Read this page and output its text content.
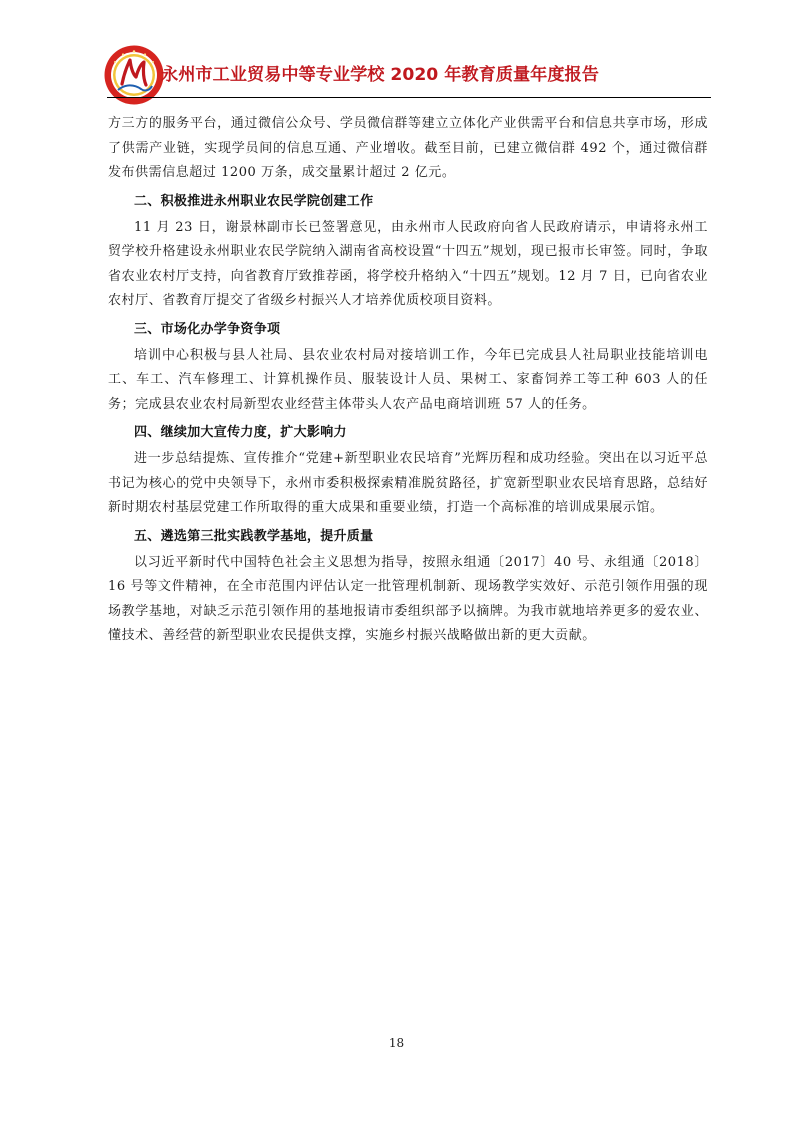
永州市工业贸易中等专业学校 2020 年教育质量年度报告

方三方的服务平台，通过微信公众号、学员微信群等建立立体化产业供需平台和信息共享市场，形成了供需产业链，实现学员间的信息互通、产业增收。截至目前，已建立微信群 492 个，通过微信群发布供需信息超过 1200 万条，成交量累计超过 2 亿元。

二、积极推进永州职业农民学院创建工作

11 月 23 日，谢景林副市长已签署意见，由永州市人民政府向省人民政府请示，申请将永州工贸学校升格建设永州职业农民学院纳入湖南省高校设置“十四五”规划，现已报市长审签。同时，争取省农业农村厅支持，向省教育厅致推荐函，将学校升格纳入“十四五”规划。12 月 7 日，已向省农业农村厅、省教育厅提交了省级乡村振兴人才培养优质校项目资料。

三、市场化办学争资争项

培训中心积极与县人社局、县农业农村局对接培训工作，今年已完成县人社局职业技能培训电工、车工、汽车修理工、计算机操作员、服装设计人员、果树工、家畜饲养工等工种 603 人的任务；完成县农业农村局新型农业经营主体带头人农产品电商培训班 57 人的任务。

四、继续加大宣传力度，扩大影响力

进一步总结提炼、宣传推介“党建+新型职业农民培育”光辉历程和成功经验。突出在以习近平总书记为核心的党中央领导下，永州市委积极探索精准脱贫路径，扩宽新型职业农民培育思路，总结好新时期农村基层党建工作所取得的重大成果和重要业绩，打造一个高标准的培训成果展示馆。

五、遴选第三批实践教学基地，提升质量

以习近平新时代中国特色社会主义思想为指导，按照永组通〔2017〕40 号、永组通〔2018〕16 号等文件精神，在全市范围内评估认定一批管理机制新、现场教学实效好、示范引领作用强的现场教学基地，对缺乏示范引领作用的基地报请市委组织部予以摘牌。为我市就地培养更多的爱农业、懂技术、善经营的新型职业农民提供支撑，实施乡村振兴战略做出新的更大贡献。

18
